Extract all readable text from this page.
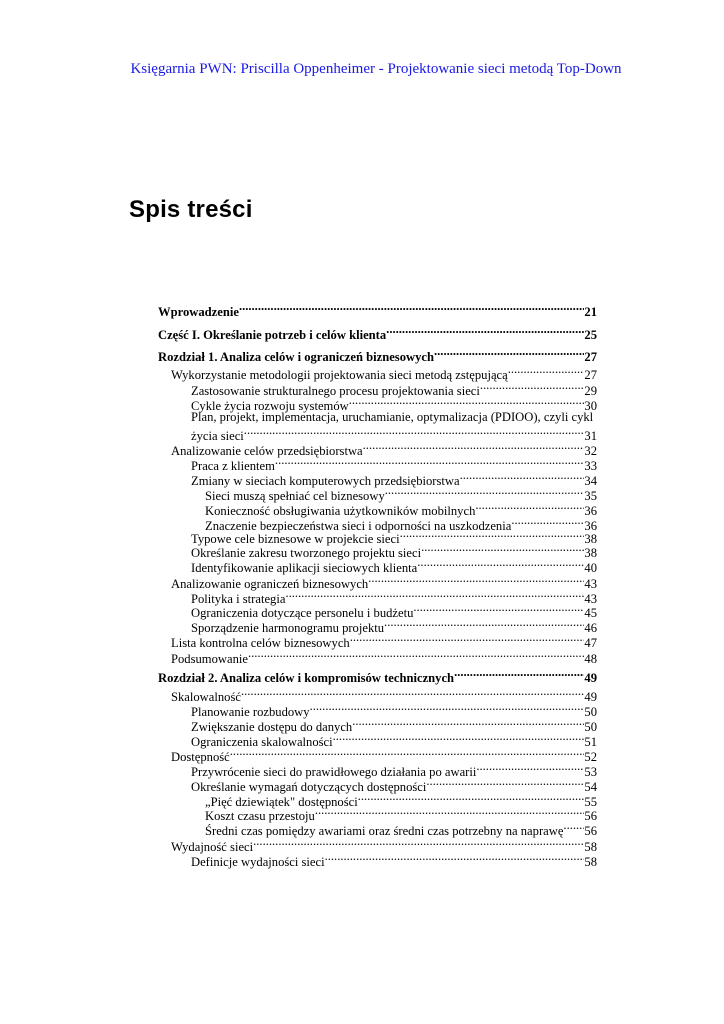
Księgarnia PWN: Priscilla Oppenheimer - Projektowanie sieci metodą Top-Down
Spis treści
Wprowadzenie .....	21
Część I. Określanie potrzeb i celów klienta .....	25
Rozdział 1. Analiza celów i ograniczeń biznesowych .....	27
Wykorzystanie metodologii projektowania sieci metodą zstępującą .....	27
Zastosowanie strukturalnego procesu projektowania sieci .....	29
Cykle życia rozwoju systemów .....	30
Plan, projekt, implementacja, uruchamianie, optymalizacja (PDIOO), czyli cykl
życia sieci .....	31
Analizowanie celów przedsiębiorstwa .....	32
Praca z klientem .....	33
Zmiany w sieciach komputerowych przedsiębiorstwa .....	34
Sieci muszą spełniać cel biznesowy .....	35
Konieczność obsługiwania użytkowników mobilnych .....	36
Znaczenie bezpieczeństwa sieci i odporności na uszkodzenia .....	36
Typowe cele biznesowe w projekcie sieci .....	38
Określanie zakresu tworzonego projektu sieci .....	38
Identyfikowanie aplikacji sieciowych klienta .....	40
Analizowanie ograniczeń biznesowych .....	43
Polityka i strategia .....	43
Ograniczenia dotyczące personelu i budżetu .....	45
Sporządzenie harmonogramu projektu .....	46
Lista kontrolna celów biznesowych .....	47
Podsumowanie .....	48
Rozdział 2. Analiza celów i kompromisów technicznych .....	49
Skalowalność .....	49
Planowanie rozbudowy .....	50
Zwiększanie dostępu do danych .....	50
Ograniczenia skalowalności .....	51
Dostępność .....	52
Przywrócenie sieci do prawidłowego działania po awarii .....	53
Określanie wymagań dotyczących dostępności .....	54
„Pięć dziewiątek" dostępności .....	55
Koszt czasu przestoju .....	56
Średni czas pomiędzy awariami oraz średni czas potrzebny na naprawę ..... 56
Wydajność sieci .....	58
Definicje wydajności sieci .....	58
